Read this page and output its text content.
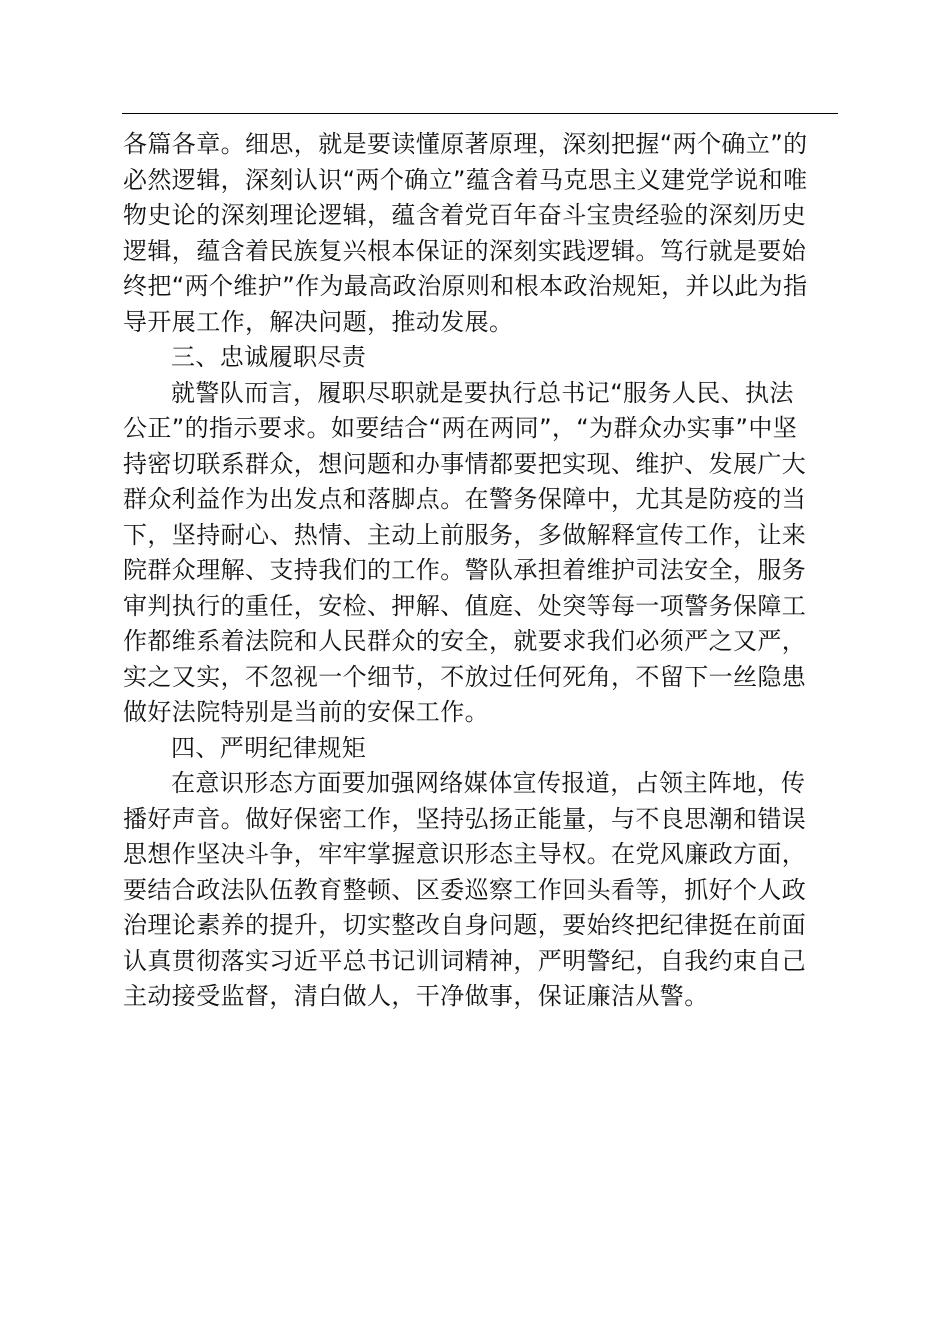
各篇各章。细思，就是要读懂原著原理，深刻把握“两个确立”的
必然逻辑，深刻认识“两个确立”蕴含着马克思主义建党学说和唯
物史论的深刻理论逻辑，蕴含着党百年奋斗宝贵经验的深刻历史
逻辑，蕴含着民族复兴根本保证的深刻实践逻辑。笃行就是要始
终把“两个维护”作为最高政治原则和根本政治规矩，并以此为指
导开展工作，解决问题，推动发展。
三、忠诚履职尽责
就警队而言，履职尽职就是要执行总书记“服务人民、执法
公正”的指示要求。如要结合“两在两同”，“为群众办实事”中坚
持密切联系群众，想问题和办事情都要把实现、维护、发展广大
群众利益作为出发点和落脚点。在警务保障中，尤其是防疫的当
下，坚持耐心、热情、主动上前服务，多做解释宣传工作，让来
院群众理解、支持我们的工作。警队承担着维护司法安全，服务
审判执行的重任，安检、押解、值庭、处突等每一项警务保障工
作都维系着法院和人民群众的安全，就要求我们必须严之又严，
实之又实，不忽视一个细节，不放过任何死角，不留下一丝隐患
做好法院特别是当前的安保工作。
四、严明纪律规矩
在意识形态方面要加强网络媒体宣传报道，占领主阵地，传
播好声音。做好保密工作，坚持弘扬正能量，与不良思潮和错误
思想作坚决斗争，牢牢掌握意识形态主导权。在党风廉政方面，
要结合政法队伍教育整顿、区委巡察工作回头看等，抓好个人政
治理论素养的提升，切实整改自身问题，要始终把纪律挺在前面
认真贯彻落实习近平总书记训词精神，严明警纪，自我约束自己
主动接受监督，清白做人，干净做事，保证廉洁从警。
